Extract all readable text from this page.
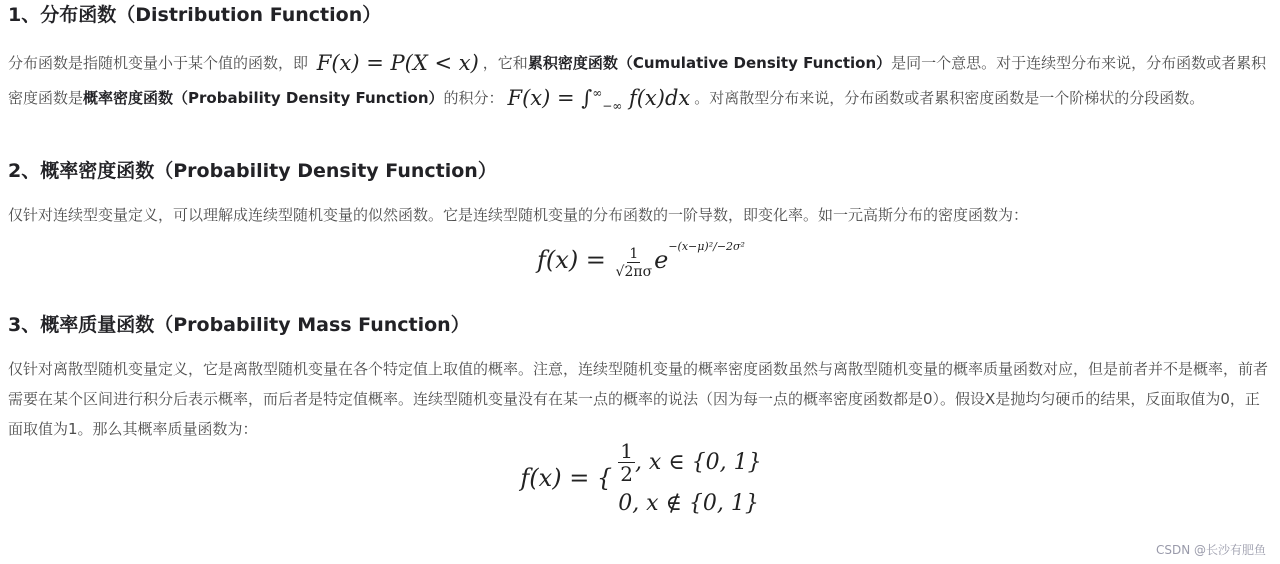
1、分布函数（Distribution Function）

分布函数是指随机变量小于某个值的函数，即 F(x) = P(X < x) ，它和累积密度函数（Cumulative Density Function）是同一个意思。对于连续型分布来说，分布函数或者累积密度函数是概率密度函数（Probability Density Function）的积分： $F(x) = \int^\infty_{-\infty}$ f(x)dx 。对离散型分布来说，分布函数或者累积密度函数是一个阶梯状的分段函数。

2、概率密度函数（Probability Density Function）

仅针对连续型变量定义，可以理解成连续型随机变量的似然函数。它是连续型随机变量的分布函数的一阶导数，即变化率。如一元高斯分布的密度函数为：

$f(x) = \frac{1}{√2\pi\sigma} e-(x-\mu)^2/-2\sigma^2$
3、概率质量函数（Probability Mass Function）

仅针对离散型随机变量定义，它是离散型随机变量在各个特定值上取值的概率。注意，连续型随机变量的概率密度函数虽然与离散型随机变量的概率质量函数对应，但是前者并不是概率，前者需要在某个区间进行积分后表示概率，而后者是特定值概率。连续型随机变量没有在某一点的概率的说法（因为每一点的概率密度函数都是0）。假设X是抛均匀硬币的结果，反面取值为0，正面取值为1。那么其概率质量函数为：

f(x) = { $\frac{1}{2}$ , x ∈ {0, 1}
0, x ∉ {0, 1}
CSDN @长沙有肥鱼
